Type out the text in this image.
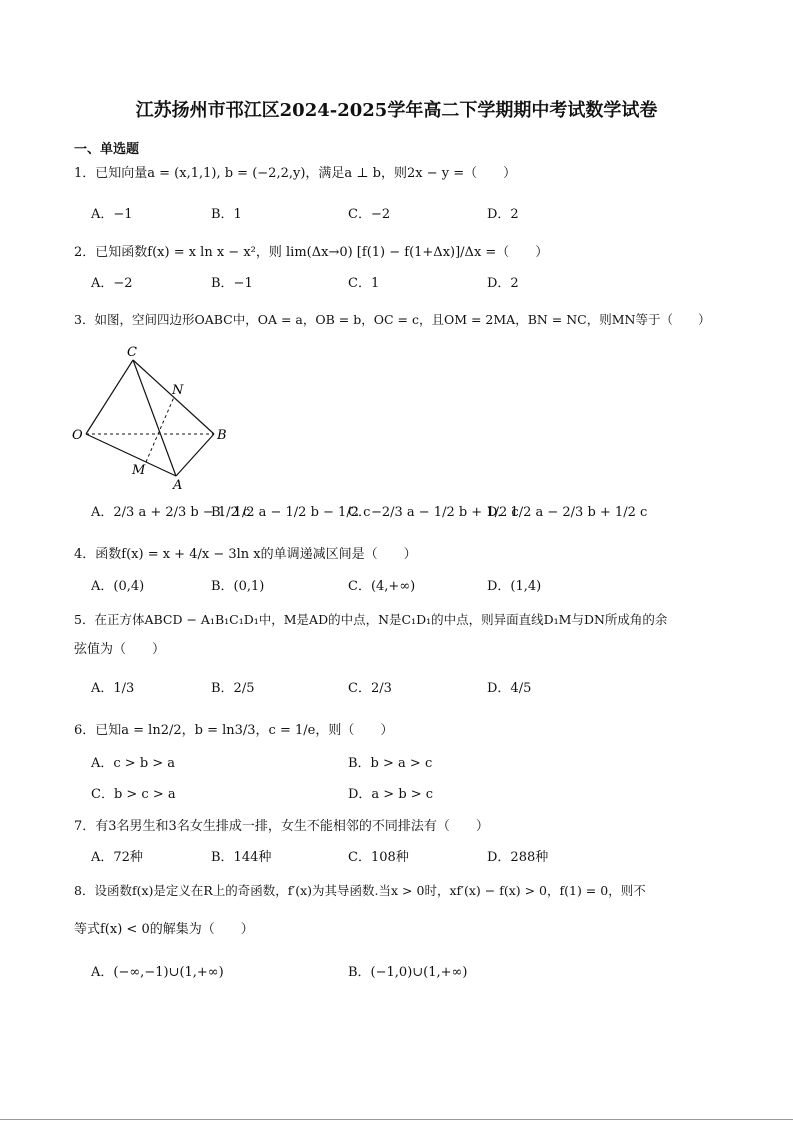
江苏扬州市邗江区2024-2025学年高二下学期期中考试数学试卷
一、单选题
1．已知向量a = (x,1,1), b = (−2,2,y)，满足a ⊥ b，则2x − y =（　　）
A．−1	B．1	C．−2	D．2
2．已知函数f(x) = x ln x − x²，则 lim(Δx→0) [f(1) − f(1+Δx)]/Δx =（　　）
A．−2	B．−1	C．1	D．2
3．如图，空间四边形OABC中，OA = a，OB = b，OC = c，且OM = 2MA，BN = NC，则MN等于（　　）
C
N
O	B
M
A
A．2/3 a + 2/3 b − 1/2 c
B．1/2 a − 1/2 b − 1/2 c
C．−2/3 a − 1/2 b + 1/2 c
D．1/2 a − 2/3 b + 1/2 c
4．函数f(x) = x + 4/x − 3ln x的单调递减区间是（　　）
A．(0,4)	B．(0,1)	C．(4,+∞)	D．(1,4)
5．在正方体ABCD − A₁B₁C₁D₁中，M是AD的中点，N是C₁D₁的中点，则异面直线D₁M与DN所成角的余
弦值为（　　）
A．1/3	B．2/5	C．2/3	D．4/5
6．已知a = ln2/2，b = ln3/3，c = 1/e，则（　　）
A．c > b > a	B．b > a > c
C．b > c > a	D．a > b > c
7．有3名男生和3名女生排成一排，女生不能相邻的不同排法有（　　）
A．72种	B．144种	C．108种	D．288种
8．设函数f(x)是定义在R上的奇函数，f′(x)为其导函数.当x > 0时，xf′(x) − f(x) > 0，f(1) = 0，则不
等式f(x) < 0的解集为（　　）
A．(−∞,−1)∪(1,+∞)	B．(−1,0)∪(1,+∞)
